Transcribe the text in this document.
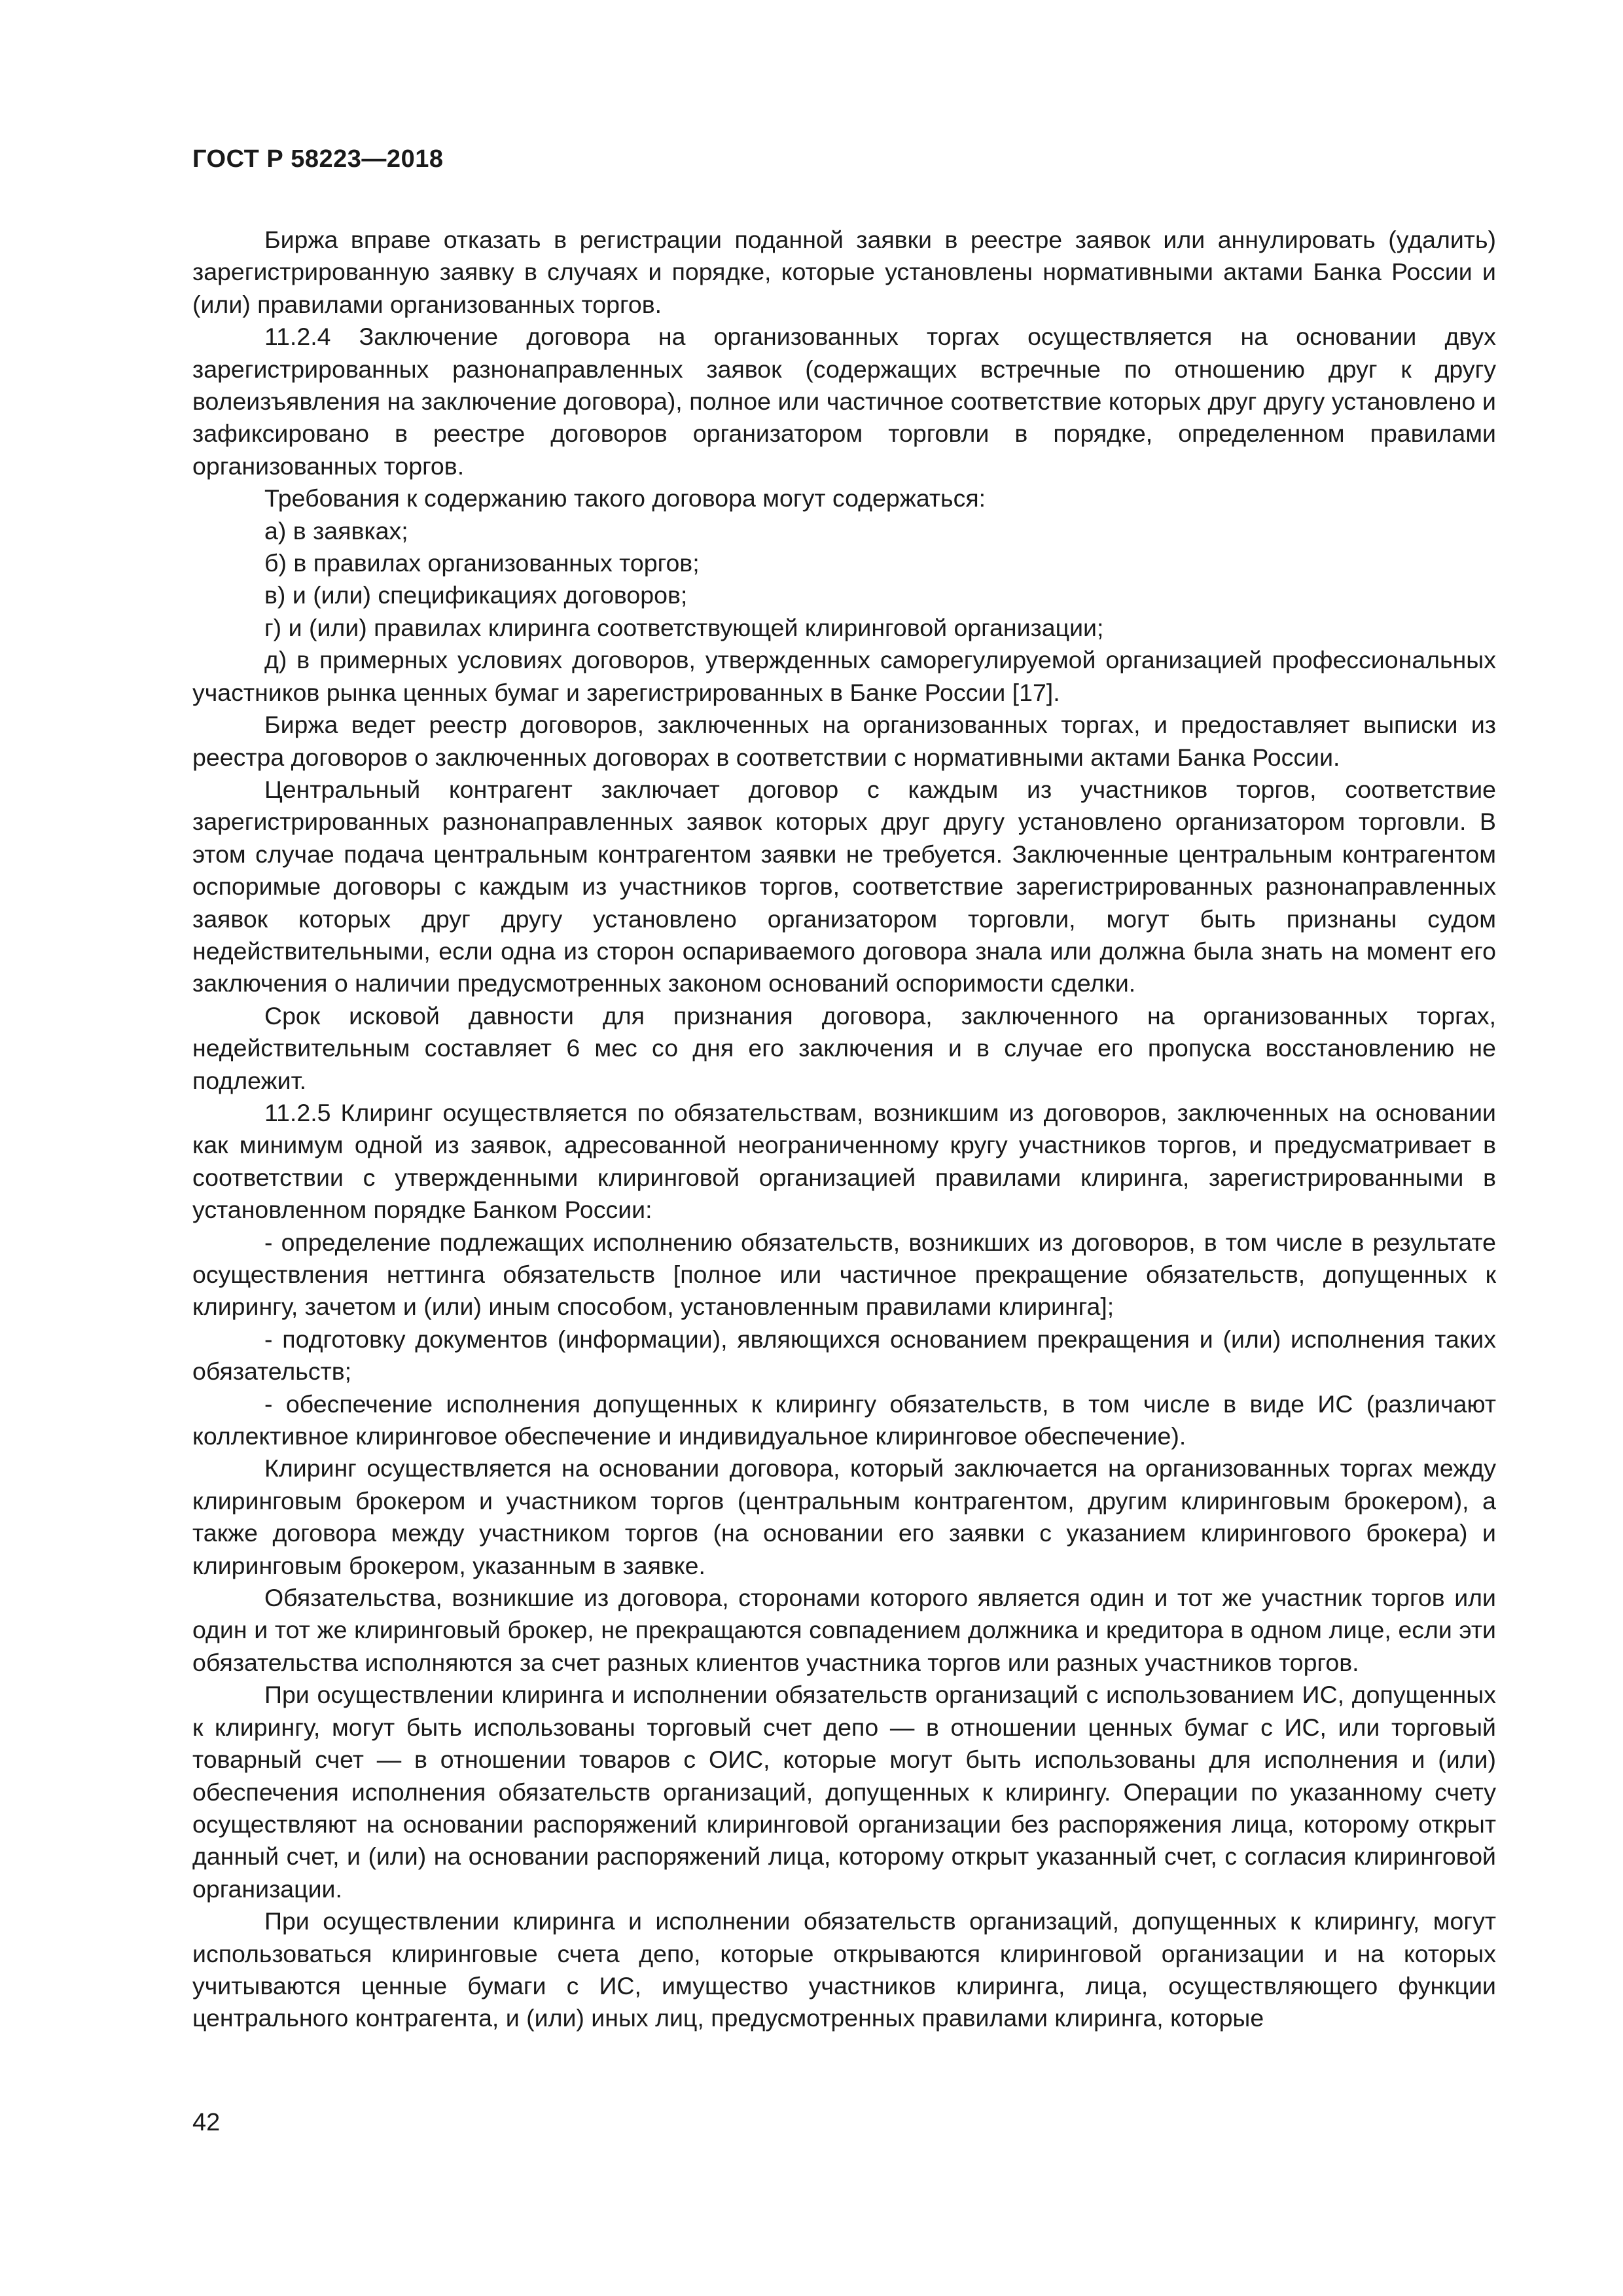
ГОСТ Р 58223—2018

Биржа вправе отказать в регистрации поданной заявки в реестре заявок или аннулировать (удалить) зарегистрированную заявку в случаях и порядке, которые установлены нормативными актами Банка России и (или) правилами организованных торгов.

11.2.4 Заключение договора на организованных торгах осуществляется на основании двух зарегистрированных разнонаправленных заявок (содержащих встречные по отношению друг к другу волеизъявления на заключение договора), полное или частичное соответствие которых друг другу установлено и зафиксировано в реестре договоров организатором торговли в порядке, определенном правилами организованных торгов.

Требования к содержанию такого договора могут содержаться:

а) в заявках;

б) в правилах организованных торгов;

в) и (или) спецификациях договоров;

г) и (или) правилах клиринга соответствующей клиринговой организации;

д) в примерных условиях договоров, утвержденных саморегулируемой организацией профессиональных участников рынка ценных бумаг и зарегистрированных в Банке России [17].

Биржа ведет реестр договоров, заключенных на организованных торгах, и предоставляет выписки из реестра договоров о заключенных договорах в соответствии с нормативными актами Банка России.

Центральный контрагент заключает договор с каждым из участников торгов, соответствие зарегистрированных разнонаправленных заявок которых друг другу установлено организатором торговли. В этом случае подача центральным контрагентом заявки не требуется. Заключенные центральным контрагентом оспоримые договоры с каждым из участников торгов, соответствие зарегистрированных разнонаправленных заявок которых друг другу установлено организатором торговли, могут быть признаны судом недействительными, если одна из сторон оспариваемого договора знала или должна была знать на момент его заключения о наличии предусмотренных законом оснований оспоримости сделки.

Срок исковой давности для признания договора, заключенного на организованных торгах, недействительным составляет 6 мес со дня его заключения и в случае его пропуска восстановлению не подлежит.

11.2.5 Клиринг осуществляется по обязательствам, возникшим из договоров, заключенных на основании как минимум одной из заявок, адресованной неограниченному кругу участников торгов, и предусматривает в соответствии с утвержденными клиринговой организацией правилами клиринга, зарегистрированными в установленном порядке Банком России:

- определение подлежащих исполнению обязательств, возникших из договоров, в том числе в результате осуществления неттинга обязательств [полное или частичное прекращение обязательств, допущенных к клирингу, зачетом и (или) иным способом, установленным правилами клиринга];

- подготовку документов (информации), являющихся основанием прекращения и (или) исполнения таких обязательств;

- обеспечение исполнения допущенных к клирингу обязательств, в том числе в виде ИС (различают коллективное клиринговое обеспечение и индивидуальное клиринговое обеспечение).

Клиринг осуществляется на основании договора, который заключается на организованных торгах между клиринговым брокером и участником торгов (центральным контрагентом, другим клиринговым брокером), а также договора между участником торгов (на основании его заявки с указанием клирингового брокера) и клиринговым брокером, указанным в заявке.

Обязательства, возникшие из договора, сторонами которого является один и тот же участник торгов или один и тот же клиринговый брокер, не прекращаются совпадением должника и кредитора в одном лице, если эти обязательства исполняются за счет разных клиентов участника торгов или разных участников торгов.

При осуществлении клиринга и исполнении обязательств организаций с использованием ИС, допущенных к клирингу, могут быть использованы торговый счет депо — в отношении ценных бумаг с ИС, или торговый товарный счет — в отношении товаров с ОИС, которые могут быть использованы для исполнения и (или) обеспечения исполнения обязательств организаций, допущенных к клирингу. Операции по указанному счету осуществляют на основании распоряжений клиринговой организации без распоряжения лица, которому открыт данный счет, и (или) на основании распоряжений лица, которому открыт указанный счет, с согласия клиринговой организации.

При осуществлении клиринга и исполнении обязательств организаций, допущенных к клирингу, могут использоваться клиринговые счета депо, которые открываются клиринговой организации и на которых учитываются ценные бумаги с ИС, имущество участников клиринга, лица, осуществляющего функции центрального контрагента, и (или) иных лиц, предусмотренных правилами клиринга, которые

42
